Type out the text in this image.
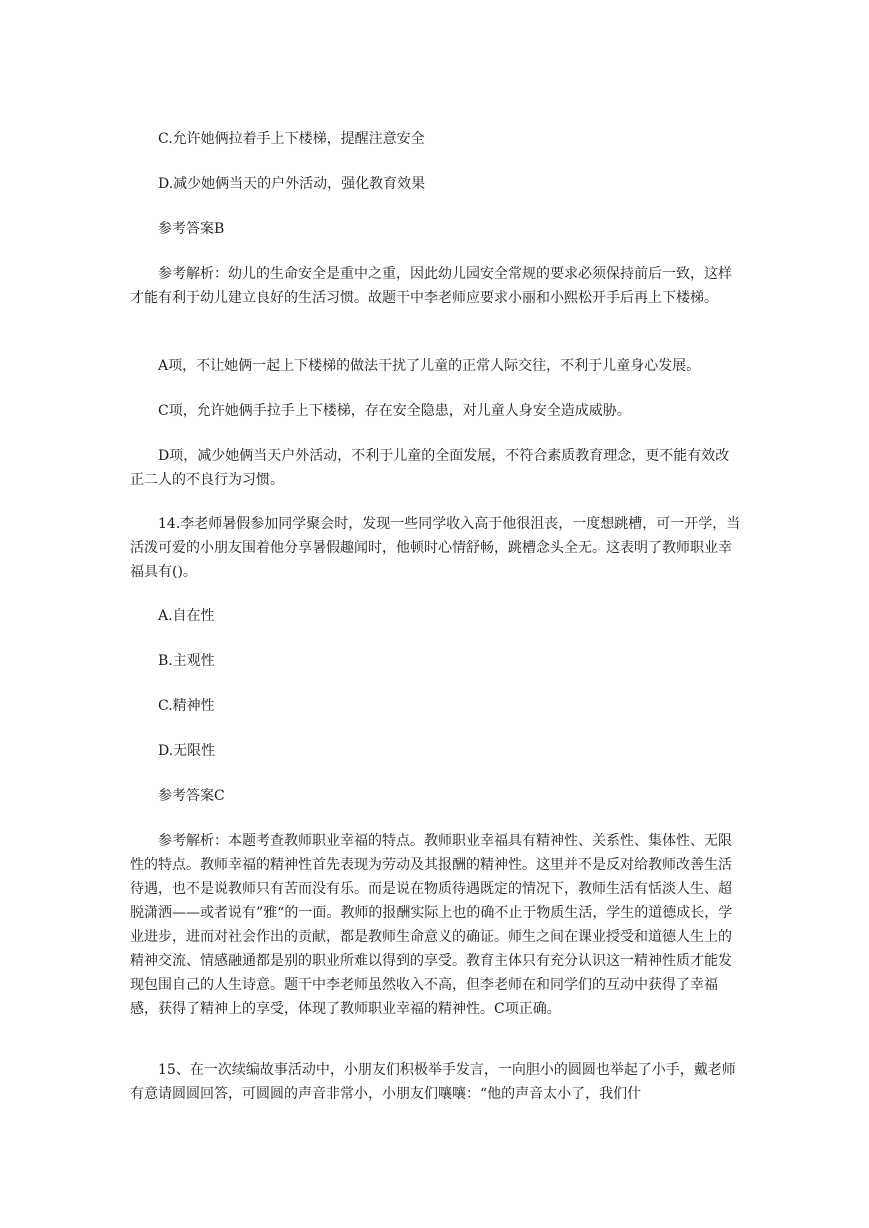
C.允许她俩拉着手上下楼梯，提醒注意安全

D.减少她俩当天的户外活动，强化教育效果

参考答案B

参考解析：幼儿的生命安全是重中之重，因此幼儿园安全常规的要求必须保持前后一致，这样才能有利于幼儿建立良好的生活习惯。故题干中李老师应要求小丽和小熙松开手后再上下楼梯。

A项，不让她俩一起上下楼梯的做法干扰了儿童的正常人际交往，不利于儿童身心发展。

C项，允许她俩手拉手上下楼梯，存在安全隐患，对儿童人身安全造成威胁。

D项，减少她俩当天户外活动，不利于儿童的全面发展，不符合素质教育理念，更不能有效改正二人的不良行为习惯。

14.李老师暑假参加同学聚会时，发现一些同学收入高于他很沮丧，一度想跳槽，可一开学，当活泼可爱的小朋友围着他分享暑假趣闻时，他顿时心情舒畅，跳槽念头全无。这表明了教师职业幸福具有()。

A.自在性

B.主观性

C.精神性

D.无限性

参考答案C

参考解析：本题考查教师职业幸福的特点。教师职业幸福具有精神性、关系性、集体性、无限性的特点。教师幸福的精神性首先表现为劳动及其报酬的精神性。这里并不是反对给教师改善生活待遇，也不是说教师只有苦而没有乐。而是说在物质待遇既定的情况下，教师生活有恬淡人生、超脱潇洒——或者说有”雅“的一面。教师的报酬实际上也的确不止于物质生活，学生的道德成长，学业进步，进而对社会作出的贡献，都是教师生命意义的确证。师生之间在课业授受和道德人生上的精神交流、情感融通都是别的职业所难以得到的享受。教育主体只有充分认识这一精神性质才能发现包围自己的人生诗意。题干中李老师虽然收入不高，但李老师在和同学们的互动中获得了幸福感，获得了精神上的享受，体现了教师职业幸福的精神性。C项正确。

15、在一次续编故事活动中，小朋友们积极举手发言，一向胆小的圆圆也举起了小手，戴老师有意请圆圆回答，可圆圆的声音非常小，小朋友们嚷嚷：“他的声音太小了，我们什
